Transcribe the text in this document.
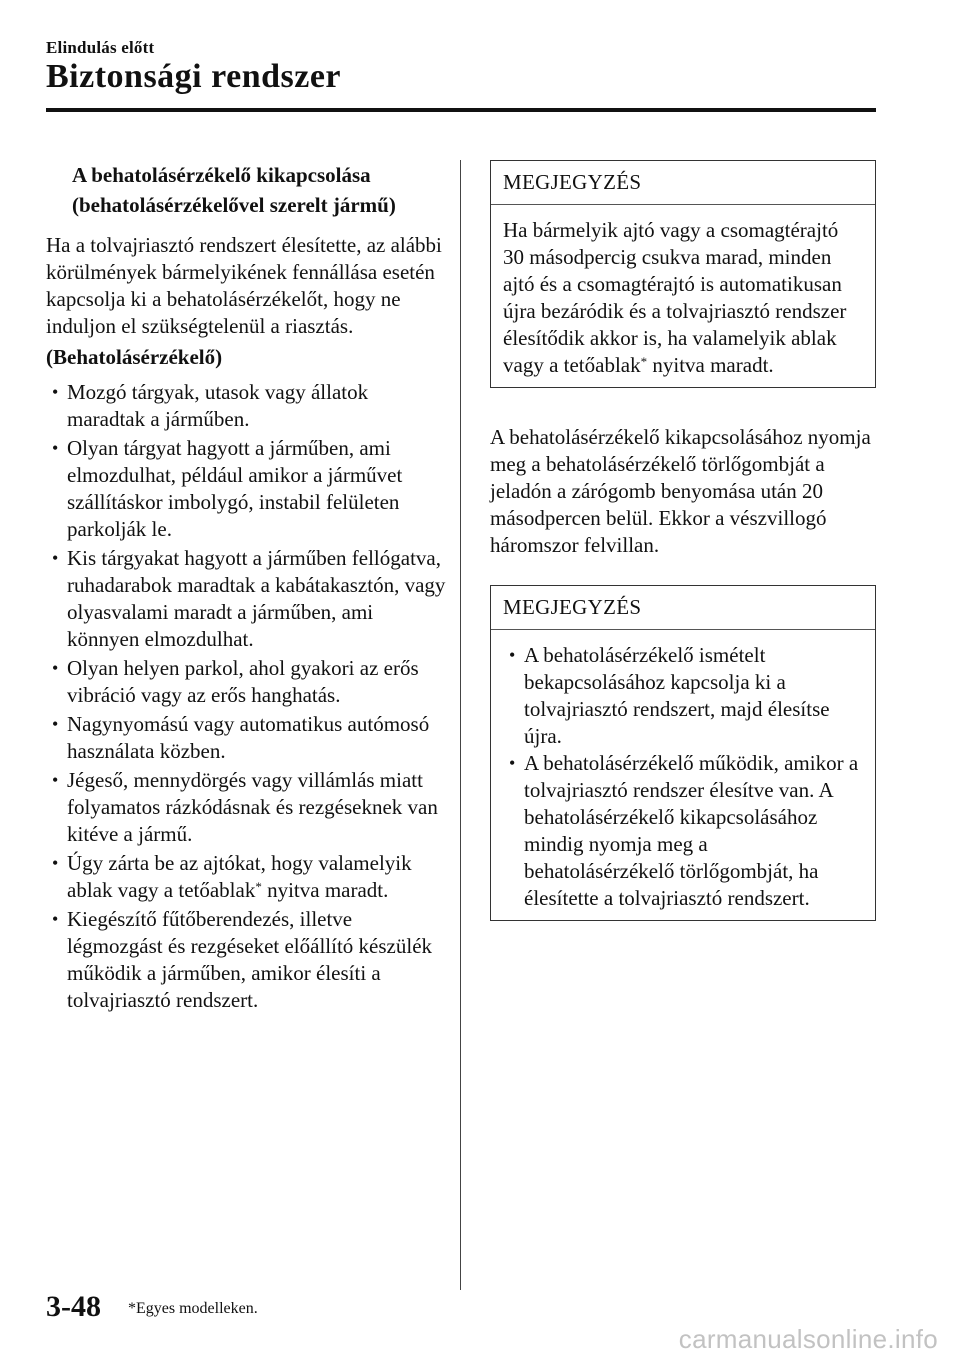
Elindulás előtt
Biztonsági rendszer
A behatolásérzékelő kikapcsolása
(behatolásérzékelővel szerelt jármű)

Ha a tolvajriasztó rendszert élesítette, az alábbi körülmények bármelyikének fennállása esetén kapcsolja ki a behatolásérzékelőt, hogy ne induljon el szükségtelenül a riasztás.

(Behatolásérzékelő)
• Mozgó tárgyak, utasok vagy állatok maradtak a járműben.
• Olyan tárgyat hagyott a járműben, ami elmozdulhat, például amikor a járművet szállításkor imbolygó, instabil felületen parkolják le.
• Kis tárgyakat hagyott a járműben fellógatva, ruhadarabok maradtak a kabátakasztón, vagy olyasvalami maradt a járműben, ami könnyen elmozdulhat.
• Olyan helyen parkol, ahol gyakori az erős vibráció vagy az erős hanghatás.
• Nagynyomású vagy automatikus autómosó használata közben.
• Jégeső, mennydörgés vagy villámlás miatt folyamatos rázkódásnak és rezgéseknek van kitéve a jármű.
• Úgy zárta be az ajtókat, hogy valamelyik ablak vagy a tetőablak* nyitva maradt.
• Kiegészítő fűtőberendezés, illetve légmozgást és rezgéseket előállító készülék működik a járműben, amikor élesíti a tolvajriasztó rendszert.
MEGJEGYZÉS

Ha bármelyik ajtó vagy a csomagtérajtó 30 másodpercig csukva marad, minden ajtó és a csomagtérajtó is automatikusan újra bezáródik és a tolvajriasztó rendszer élesítődik akkor is, ha valamelyik ablak vagy a tetőablak* nyitva maradt.

A behatolásérzékelő kikapcsolásához nyomja meg a behatolásérzékelő törlőgombját a jeladón a zárógomb benyomása után 20 másodpercen belül. Ekkor a vészvillogó háromszor felvillan.

MEGJEGYZÉS
• A behatolásérzékelő ismételt bekapcsolásához kapcsolja ki a tolvajriasztó rendszert, majd élesítse újra.
• A behatolásérzékelő működik, amikor a tolvajriasztó rendszer élesítve van. A behatolásérzékelő kikapcsolásához mindig nyomja meg a behatolásérzékelő törlőgombját, ha élesítette a tolvajriasztó rendszert.
3-48 *Egyes modelleken.
carmanualsonline.info
